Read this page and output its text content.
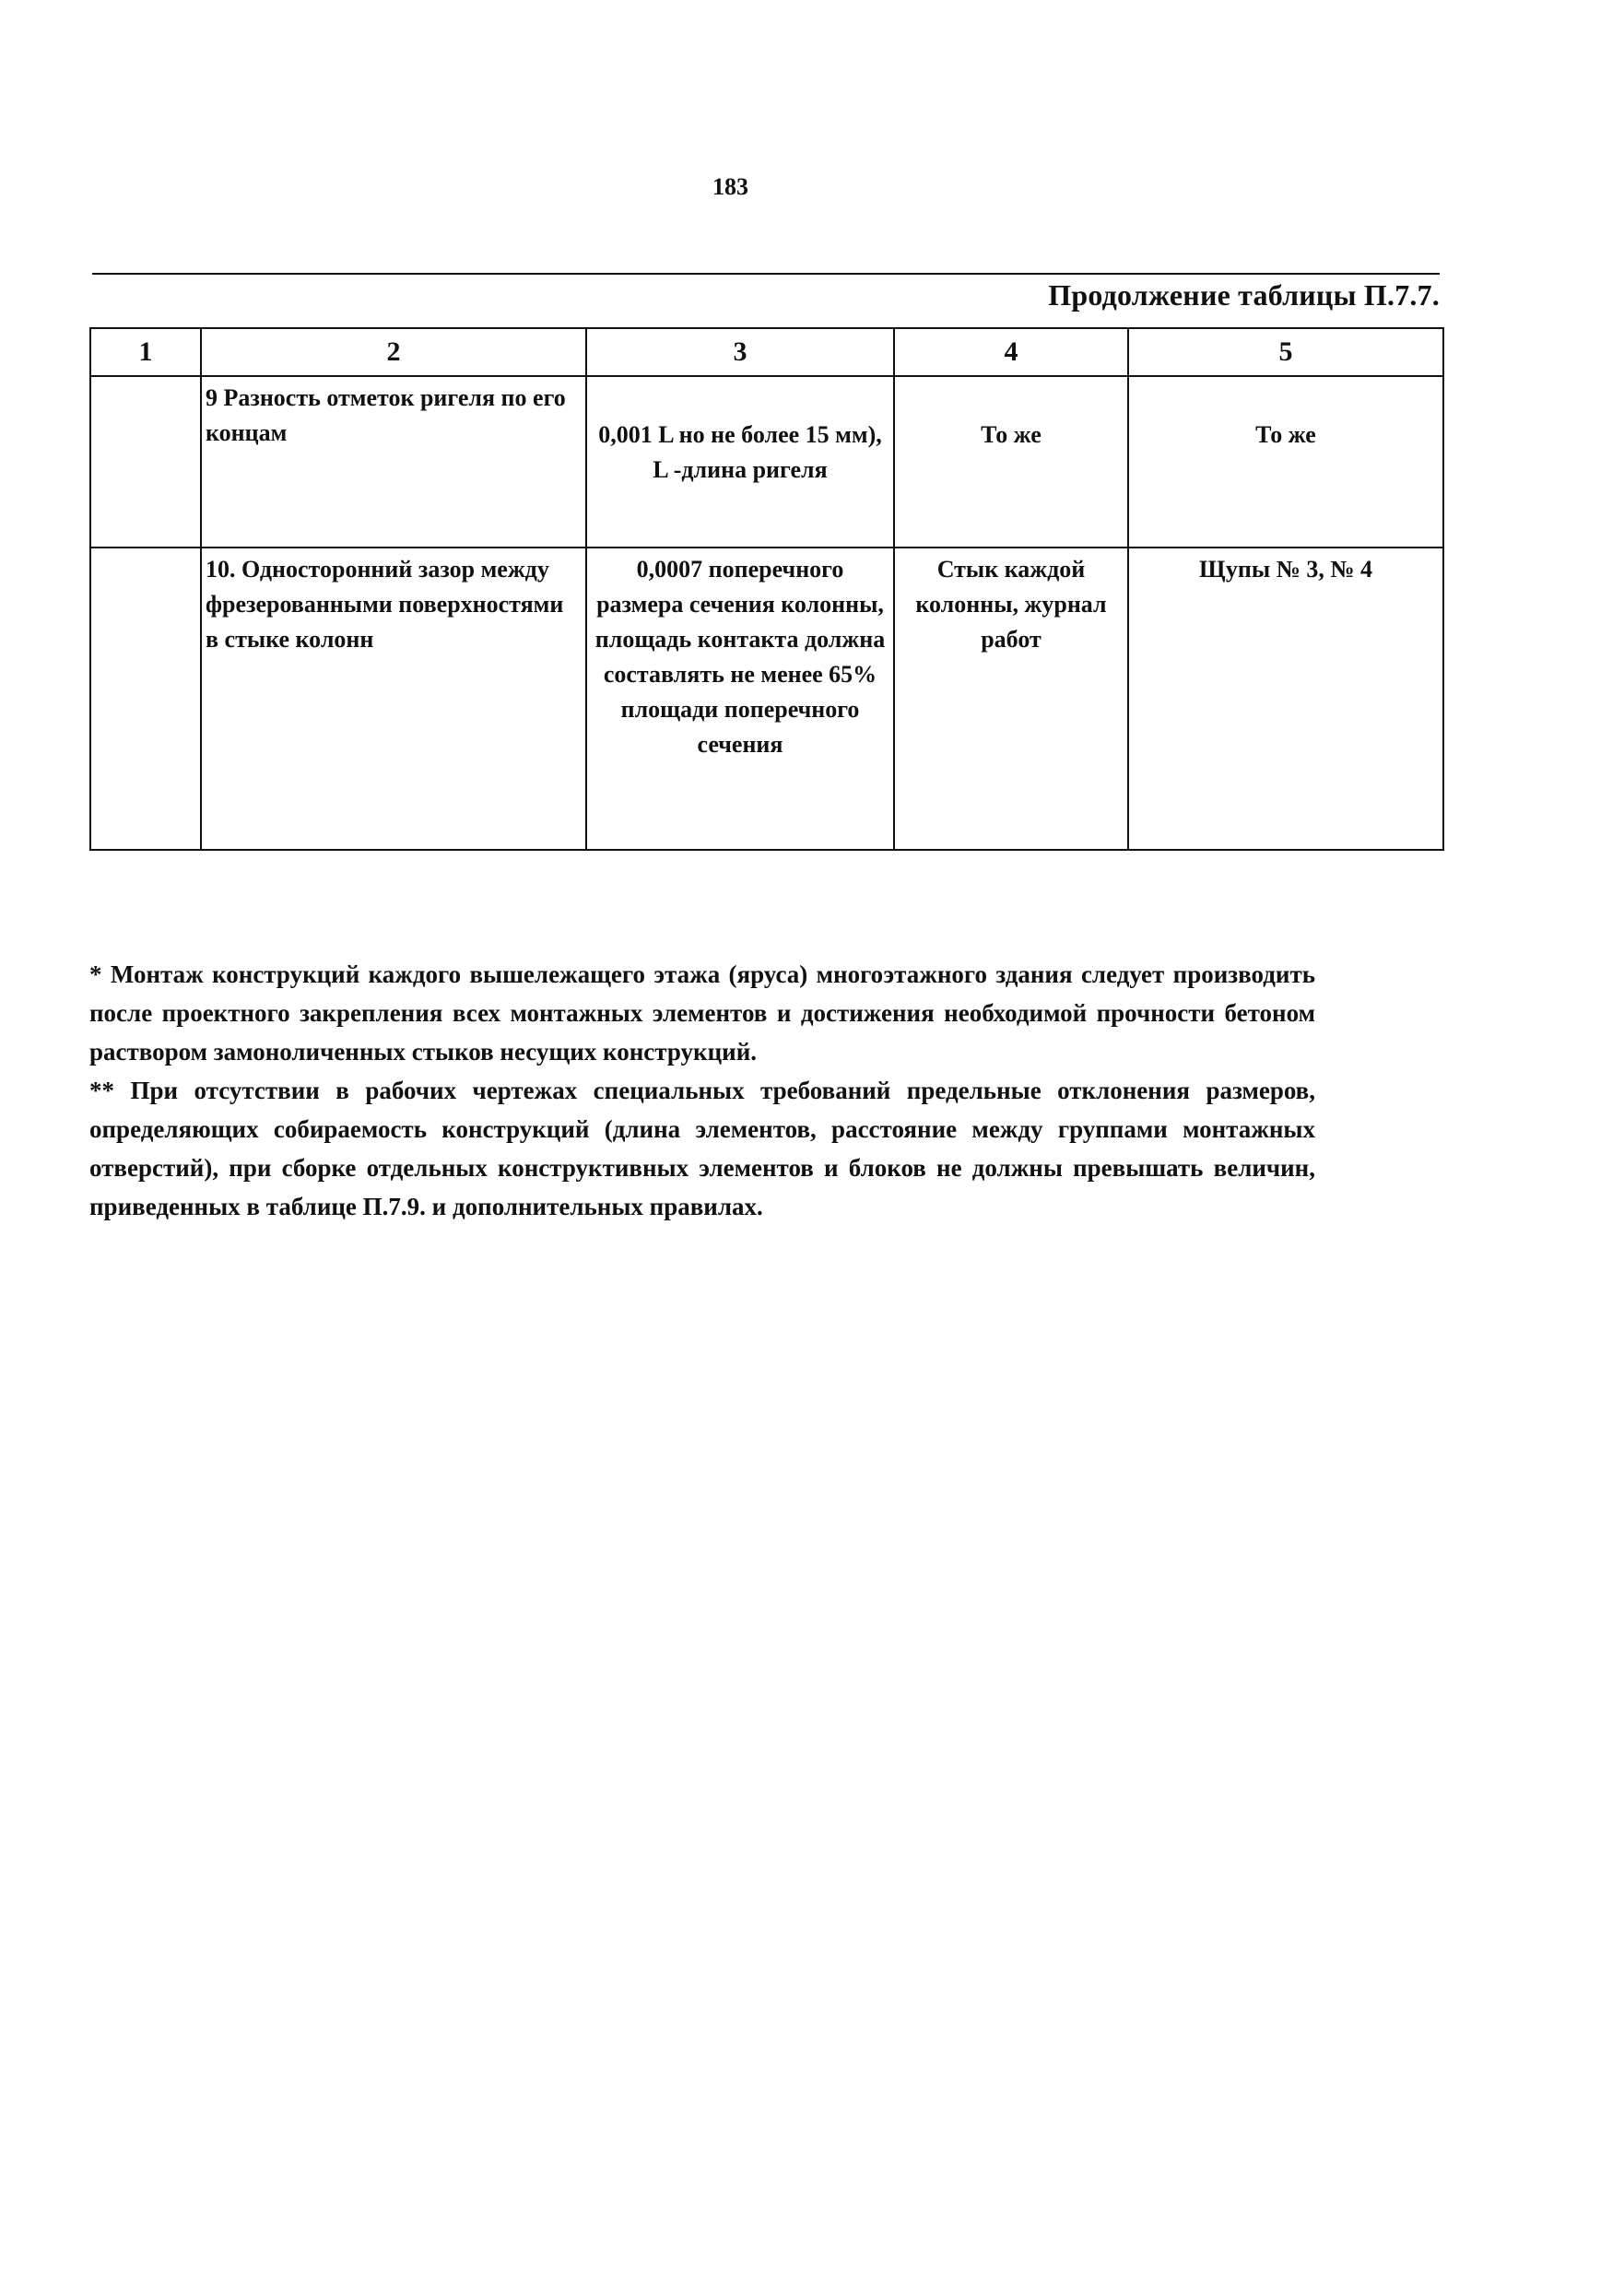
183
Продолжение таблицы П.7.7.
1	2	3	4	5
	9 Разность отметок ригеля по его концам	0,001 L но не более 15 мм), L -длина ригеля	То же	То же
	10. Односторонний зазор между фрезерованными поверхностями в стыке колонн	0,0007 поперечного размера сечения колонны, площадь контакта должна составлять не менее 65% площади поперечного сечения	Стык каждой колонны, журнал работ	Щупы № 3, № 4

* Монтаж конструкций каждого вышележащего этажа (яруса) многоэтажного здания следует производить после проектного закрепления всех монтажных элементов и достижения необходимой прочности бетоном раствором замоноличенных стыков несущих конструкций.

** При отсутствии в рабочих чертежах специальных требований предельные отклонения размеров, определяющих собираемость конструкций (длина элементов, расстояние между группами монтажных отверстий), при сборке отдельных конструктивных элементов и блоков не должны превышать величин, приведенных в таблице П.7.9. и дополнительных правилах.
